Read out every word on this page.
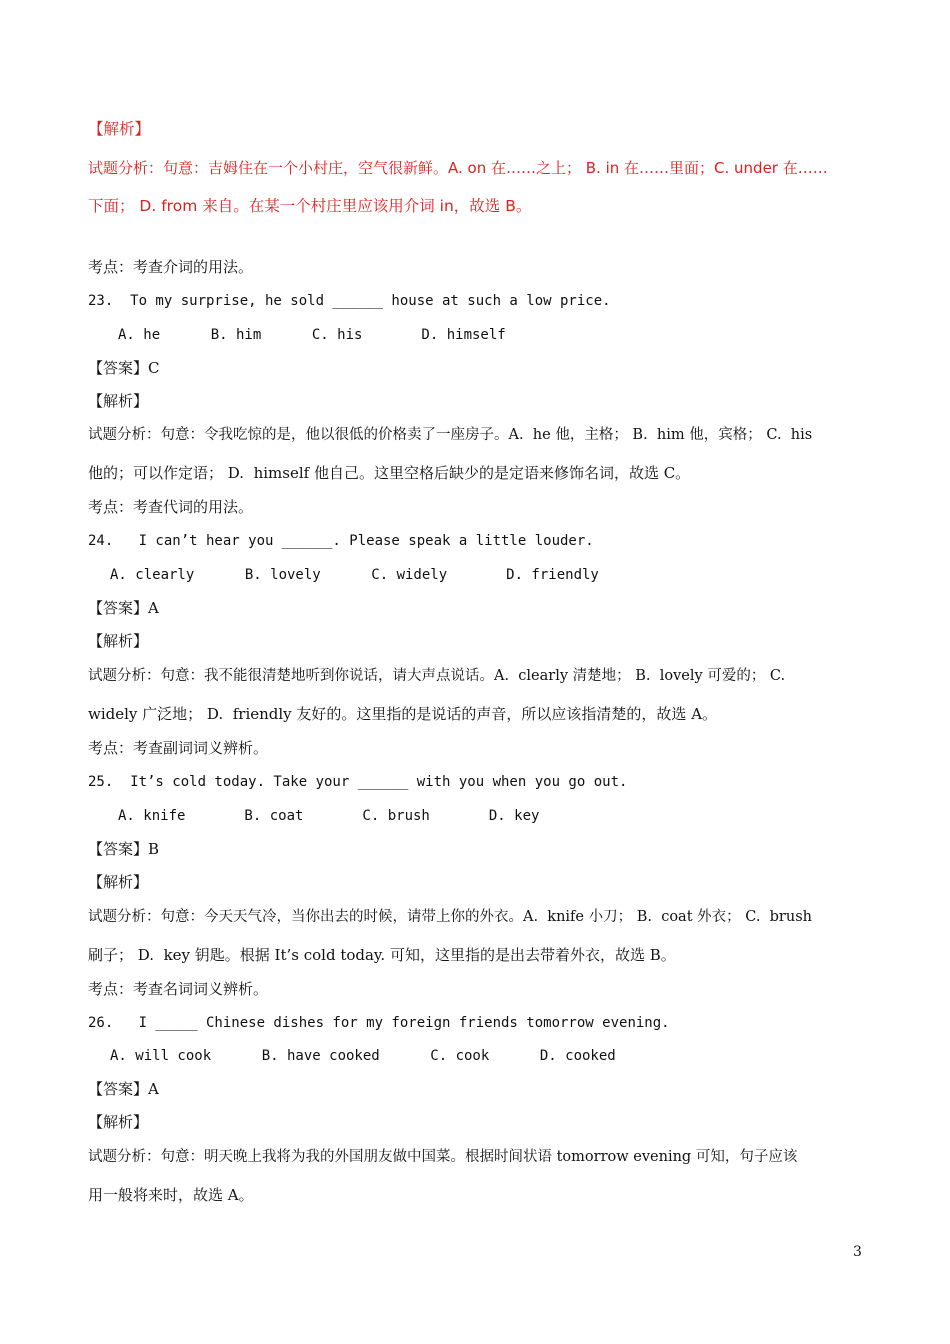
【解析】
试题分析：句意：吉姆住在一个小村庄，空气很新鲜。A. on 在……之上； B. in 在……里面；C. under 在……
下面； D. from 来自。在某一个村庄里应该用介词 in，故选 B。
考点：考查介词的用法。
23.  To my surprise, he sold ______ house at such a low price.
A. he      B. him      C. his       D. himself
【答案】C
【解析】
试题分析：句意：令我吃惊的是，他以很低的价格卖了一座房子。A.  he 他，主格； B.  him 他，宾格； C.  his
他的；可以作定语； D.  himself 他自己。这里空格后缺少的是定语来修饰名词，故选 C。
考点：考查代词的用法。
24.   I can’t hear you ______. Please speak a little louder.
A. clearly      B. lovely      C. widely       D. friendly
【答案】A
【解析】
试题分析：句意：我不能很清楚地听到你说话，请大声点说话。A.  clearly 清楚地； B.  lovely 可爱的； C.
widely 广泛地； D.  friendly 友好的。这里指的是说话的声音，所以应该指清楚的，故选 A。
考点：考查副词词义辨析。
25.  It’s cold today. Take your ______ with you when you go out.
A. knife       B. coat       C. brush       D. key
【答案】B
【解析】
试题分析：句意：今天天气冷，当你出去的时候，请带上你的外衣。A.  knife 小刀； B.  coat 外衣； C.  brush
刷子； D.  key 钥匙。根据 It’s cold today. 可知，这里指的是出去带着外衣，故选 B。
考点：考查名词词义辨析。
26.   I _____ Chinese dishes for my foreign friends tomorrow evening.
A. will cook      B. have cooked      C. cook      D. cooked
【答案】A
【解析】
试题分析：句意：明天晚上我将为我的外国朋友做中国菜。根据时间状语 tomorrow evening 可知，句子应该
用一般将来时，故选 A。
3
